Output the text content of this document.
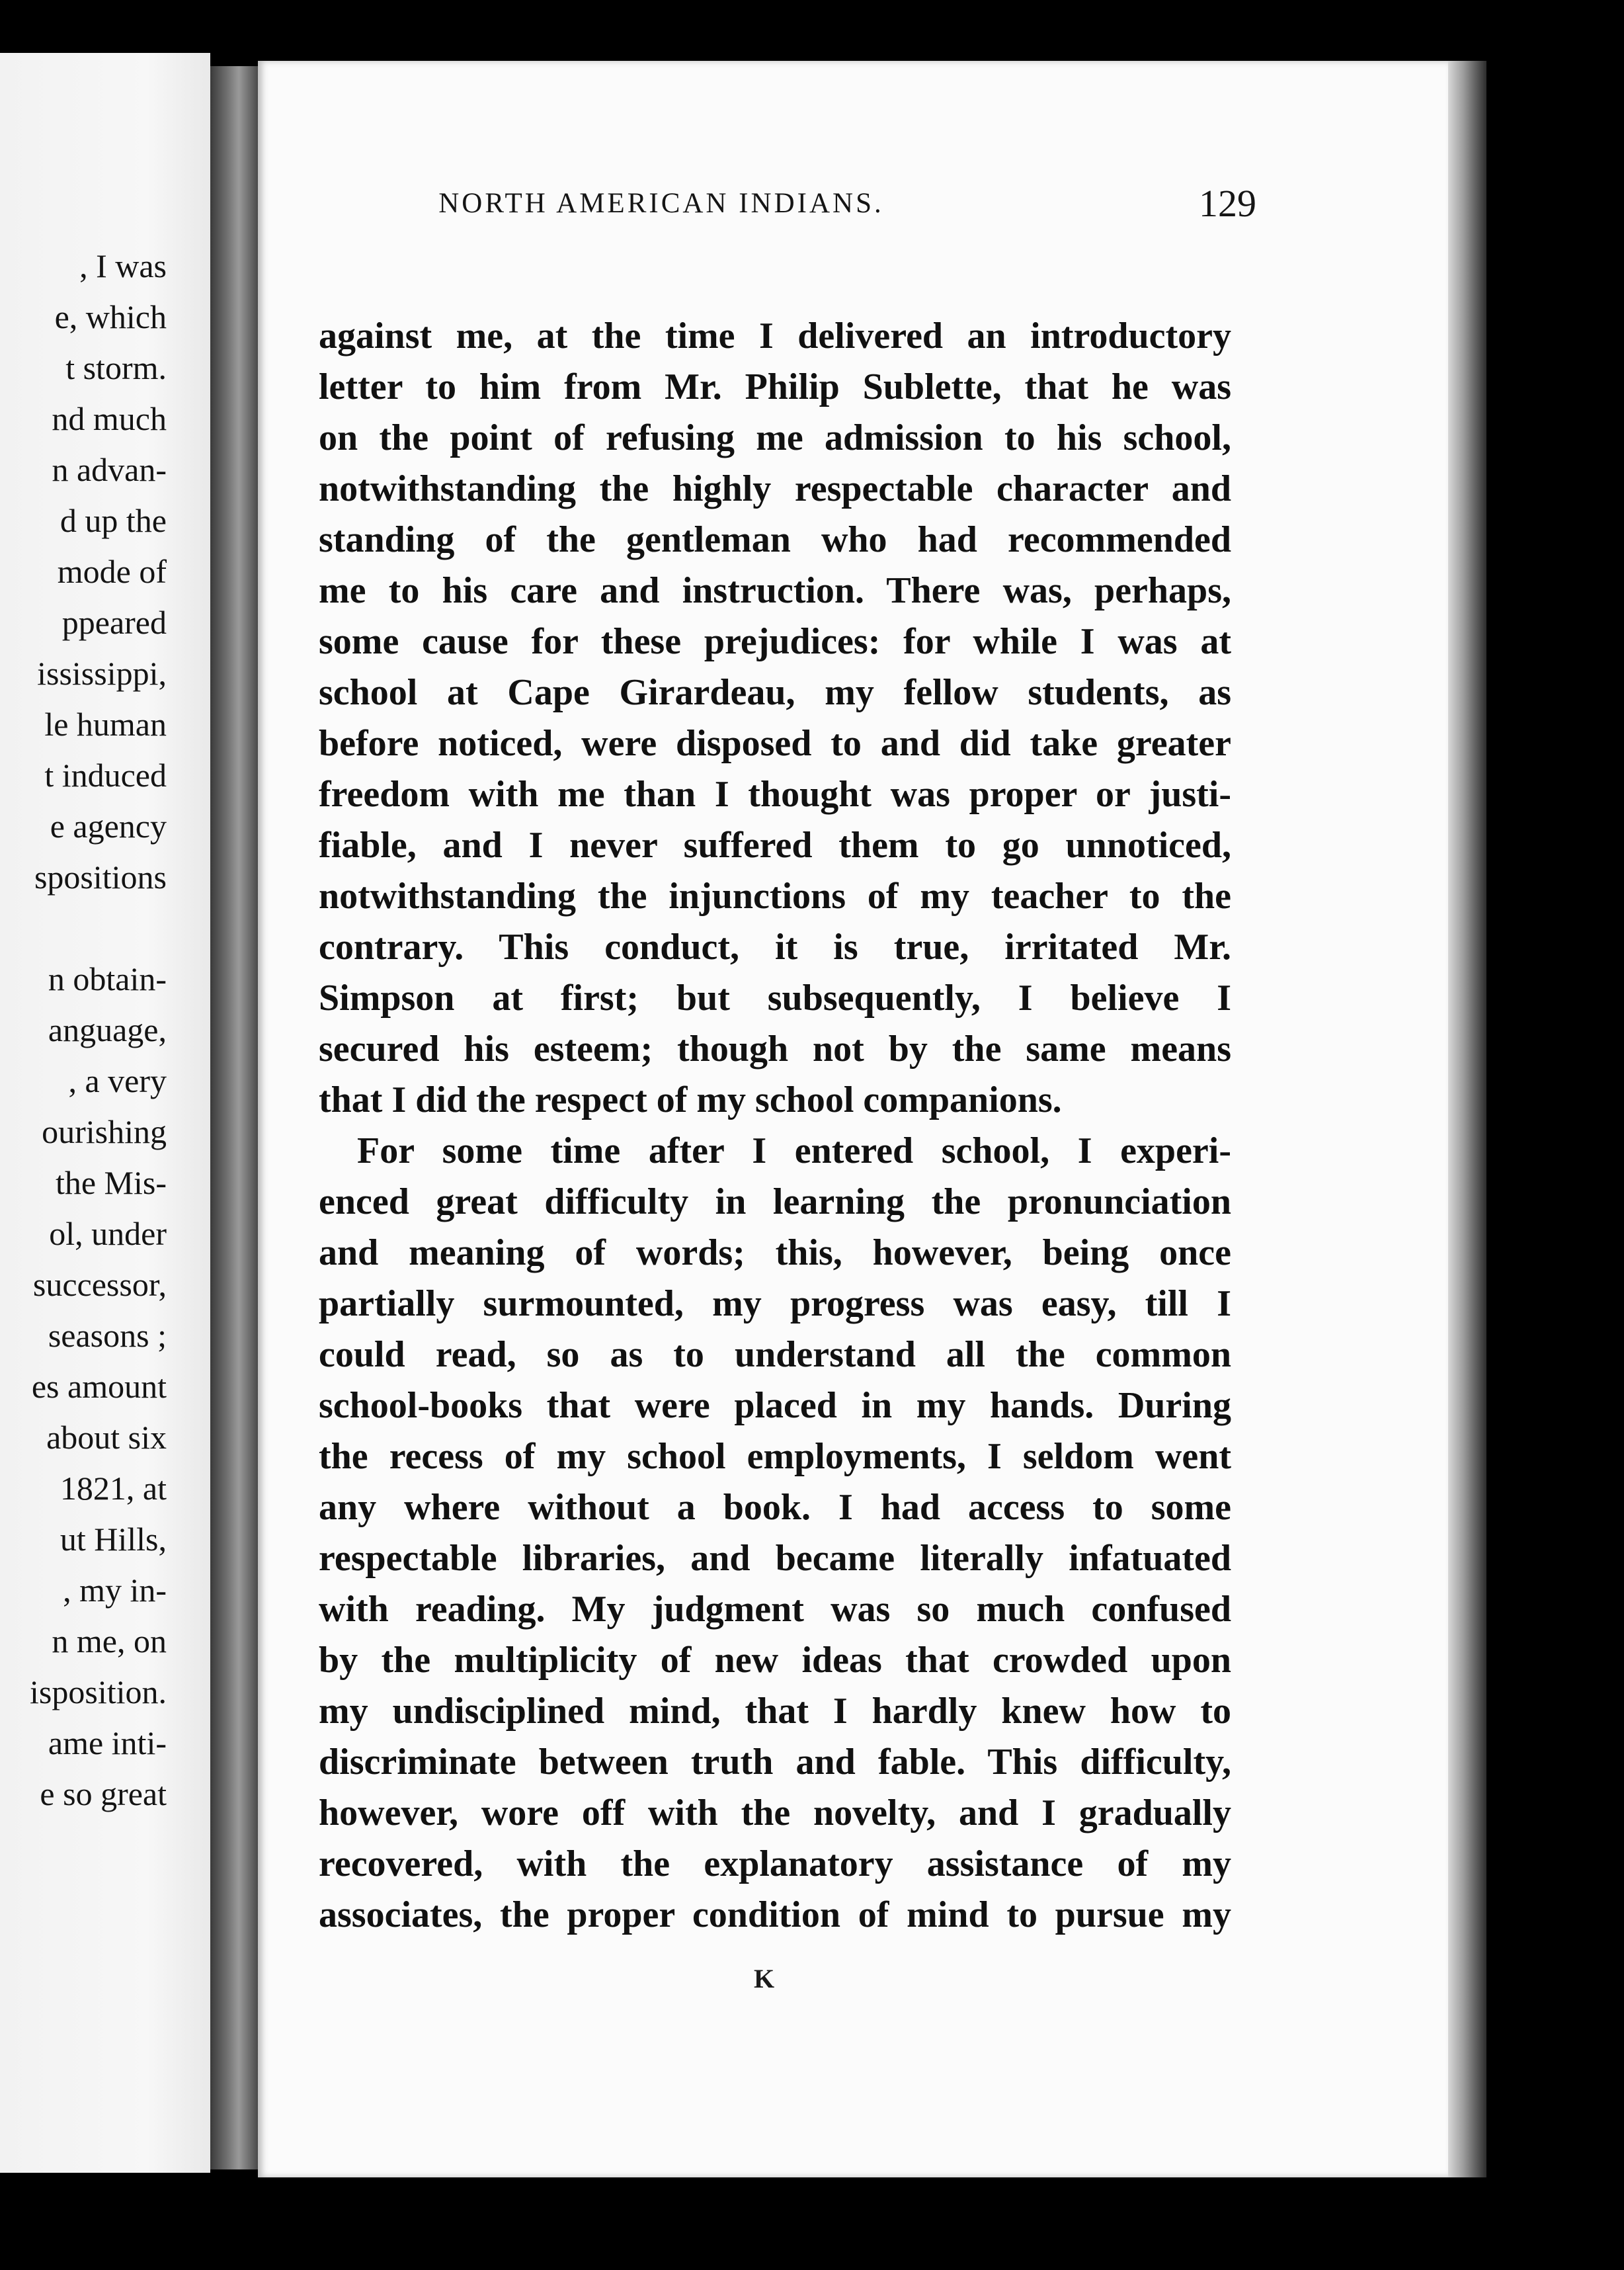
, I was
e, which
t storm.
nd much
n advan-
d up the
mode of
ppeared
ississippi,
le human
t induced
e agency
spositions
n obtain-
anguage,
, a very
ourishing
the Mis-
ol, under
successor,
seasons ;
es amount
about six
1821, at
ut Hills,
, my in-
n me, on
isposition.
ame inti-
e so great
NORTH AMERICAN INDIANS.	129
against me, at the time I delivered an introductory
letter to him from Mr. Philip Sublette, that he was
on the point of refusing me admission to his school,
notwithstanding the highly respectable character and
standing of the gentleman who had recommended
me to his care and instruction. There was, perhaps,
some cause for these prejudices: for while I was at
school at Cape Girardeau, my fellow students, as
before noticed, were disposed to and did take greater
freedom with me than I thought was proper or justi-
fiable, and I never suffered them to go unnoticed,
notwithstanding the injunctions of my teacher to the
contrary. This conduct, it is true, irritated Mr.
Simpson at first; but subsequently, I believe I
secured his esteem; though not by the same means
that I did the respect of my school companions.
For some time after I entered school, I experi-
enced great difficulty in learning the pronunciation
and meaning of words; this, however, being once
partially surmounted, my progress was easy, till I
could read, so as to understand all the common
school-books that were placed in my hands. During
the recess of my school employments, I seldom went
any where without a book. I had access to some
respectable libraries, and became literally infatuated
with reading. My judgment was so much confused
by the multiplicity of new ideas that crowded upon
my undisciplined mind, that I hardly knew how to
discriminate between truth and fable. This difficulty,
however, wore off with the novelty, and I gradually
recovered, with the explanatory assistance of my
associates, the proper condition of mind to pursue my
K
